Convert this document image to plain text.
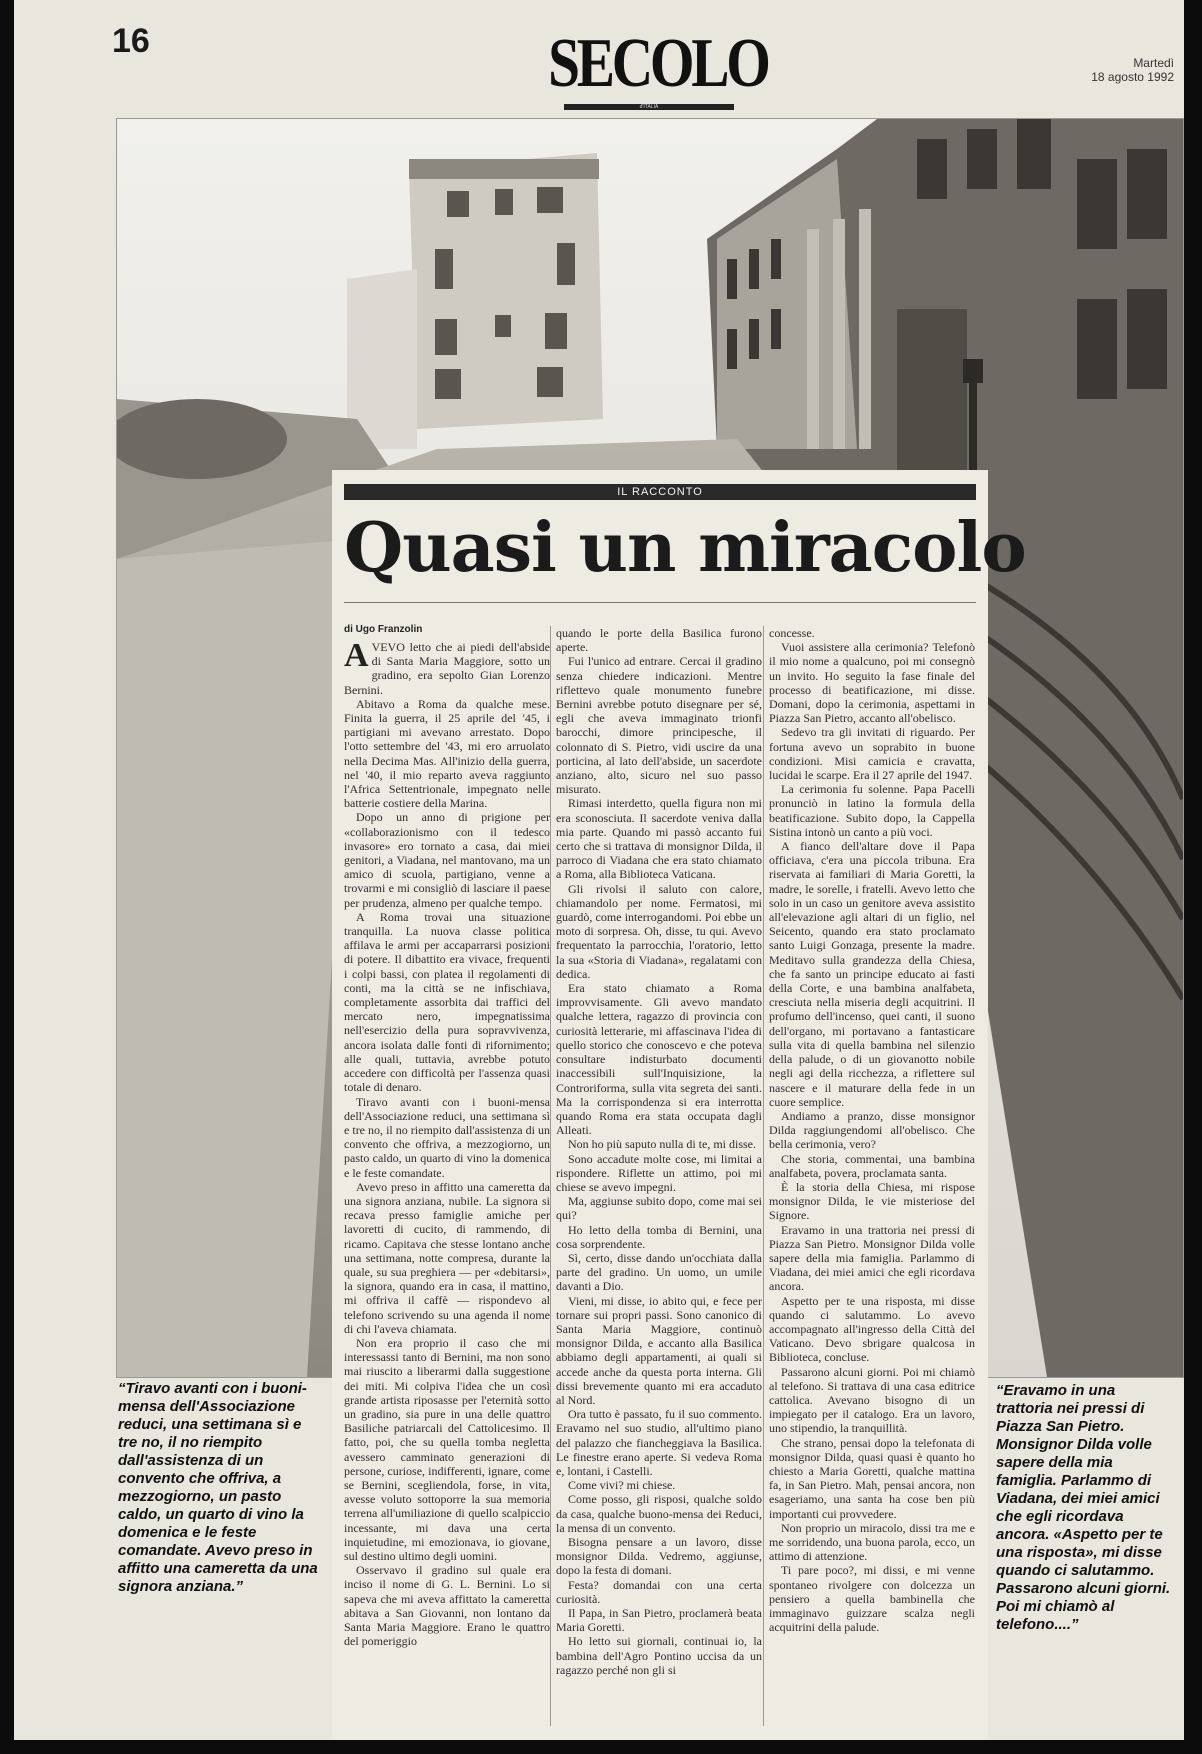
16	SECOLO
d'ITALIA
Martedì
18 agosto 1992
IL RACCONTO
Quasi un miracolo
di Ugo Franzolin

AVEVO letto che ai piedi dell'abside di Santa Maria Maggiore, sotto un gradino, era sepolto Gian Lorenzo Bernini.

Abitavo a Roma da qualche mese. Finita la guerra, il 25 aprile del '45, i partigiani mi avevano arrestato. Dopo l'otto settembre del '43, mi ero arruolato nella Decima Mas. All'inizio della guerra, nel '40, il mio reparto aveva raggiunto l'Africa Settentrionale, impegnato nelle batterie costiere della Marina.

Dopo un anno di prigione per «collaborazionismo con il tedesco invasore» ero tornato a casa, dai miei genitori, a Viadana, nel mantovano, ma un amico di scuola, partigiano, venne a trovarmi e mi consigliò di lasciare il paese per prudenza, almeno per qualche tempo.

A Roma trovai una situazione tranquilla. La nuova classe politica affilava le armi per accaparrarsi posizioni di potere. Il dibattito era vivace, frequenti i colpi bassi, con platea il regolamenti di conti, ma la città se ne infischiava, completamente assorbita dai traffici del mercato nero, impegnatissima nell'esercizio della pura sopravvivenza, ancora isolata dalle fonti di rifornimento; alle quali, tuttavia, avrebbe potuto accedere con difficoltà per l'assenza quasi totale di denaro.

Tiravo avanti con i buoni-mensa dell'Associazione reduci, una settimana sì e tre no, il no riempito dall'assistenza di un convento che offriva, a mezzogiorno, un pasto caldo, un quarto di vino la domenica e le feste comandate.

Avevo preso in affitto una cameretta da una signora anziana, nubile. La signora si recava presso famiglie amiche per lavoretti di cucito, di rammendo, di ricamo. Capitava che stesse lontano anche una settimana, notte compresa, durante la quale, su sua preghiera — per «debitarsi», la signora, quando era in casa, il mattino, mi offriva il caffè — rispondevo al telefono scrivendo su una agenda il nome di chi l'aveva chiamata.

Non era proprio il caso che mi interessassi tanto di Bernini, ma non sono mai riuscito a liberarmi dalla suggestione dei miti. Mi colpiva l'idea che un così grande artista riposasse per l'eternità sotto un gradino, sia pure in una delle quattro Basiliche patriarcali del Cattolicesimo. Il fatto, poi, che su quella tomba negletta avessero camminato generazioni di persone, curiose, indifferenti, ignare, come se Bernini, scegliendola, forse, in vita, avesse voluto sottoporre la sua memoria terrena all'umiliazione di quello scalpiccio incessante, mi dava una certa inquietudine, mi emozionava, io giovane, sul destino ultimo degli uomini.

Osservavo il gradino sul quale era inciso il nome di G. L. Bernini. Lo si sapeva che mi aveva affittato la cameretta abitava a San Giovanni, non lontano da Santa Maria Maggiore. Erano le quattro del pomeriggio

quando le porte della Basilica furono aperte.

Fui l'unico ad entrare. Cercai il gradino senza chiedere indicazioni. Mentre riflettevo quale monumento funebre Bernini avrebbe potuto disegnare per sé, egli che aveva immaginato trionfi barocchi, dimore principesche, il colonnato di S. Pietro, vidi uscire da una porticina, al lato dell'abside, un sacerdote anziano, alto, sicuro nel suo passo misurato.

Rimasi interdetto, quella figura non mi era sconosciuta. Il sacerdote veniva dalla mia parte. Quando mi passò accanto fui certo che si trattava di monsignor Dilda, il parroco di Viadana che era stato chiamato a Roma, alla Biblioteca Vaticana.

Gli rivolsi il saluto con calore, chiamandolo per nome. Fermatosi, mi guardò, come interrogandomi. Poi ebbe un moto di sorpresa. Oh, disse, tu qui. Avevo frequentato la parrocchia, l'oratorio, letto la sua «Storia di Viadana», regalatami con dedica.

Era stato chiamato a Roma improvvisamente. Gli avevo mandato qualche lettera, ragazzo di provincia con curiosità letterarie, mi affascinava l'idea di quello storico che conoscevo e che poteva consultare indisturbato documenti inaccessibili sull'Inquisizione, la Controriforma, sulla vita segreta dei santi. Ma la corrispondenza si era interrotta quando Roma era stata occupata dagli Alleati.

Non ho più saputo nulla di te, mi disse.

Sono accadute molte cose, mi limitai a rispondere. Riflette un attimo, poi mi chiese se avevo impegni.

Ma, aggiunse subito dopo, come mai sei qui?

Ho letto della tomba di Bernini, una cosa sorprendente.

Sì, certo, disse dando un'occhiata dalla parte del gradino. Un uomo, un umile davanti a Dio.

Vieni, mi disse, io abito qui, e fece per tornare sui propri passi. Sono canonico di Santa Maria Maggiore, continuò monsignor Dilda, e accanto alla Basilica abbiamo degli appartamenti, ai quali si accede anche da questa porta interna. Gli dissi brevemente quanto mi era accaduto al Nord.

Ora tutto è passato, fu il suo commento. Eravamo nel suo studio, all'ultimo piano del palazzo che fiancheggiava la Basilica. Le finestre erano aperte. Si vedeva Roma e, lontani, i Castelli.

Come vivi? mi chiese.

Come posso, gli risposi, qualche soldo da casa, qualche buono-mensa dei Reduci, la mensa di un convento.

Bisogna pensare a un lavoro, disse monsignor Dilda. Vedremo, aggiunse, dopo la festa di domani.

Festa? domandai con una certa curiosità.

Il Papa, in San Pietro, proclamerà beata Maria Goretti.

Ho letto sui giornali, continuai io, la bambina dell'Agro Pontino uccisa da un ragazzo perché non gli si

concesse.

Vuoi assistere alla cerimonia? Telefonò il mio nome a qualcuno, poi mi consegnò un invito. Ho seguito la fase finale del processo di beatificazione, mi disse. Domani, dopo la cerimonia, aspettami in Piazza San Pietro, accanto all'obelisco.

Sedevo tra gli invitati di riguardo. Per fortuna avevo un soprabito in buone condizioni. Misi camicia e cravatta, lucidai le scarpe. Era il 27 aprile del 1947.

La cerimonia fu solenne. Papa Pacelli pronunciò in latino la formula della beatificazione. Subito dopo, la Cappella Sistina intonò un canto a più voci.

A fianco dell'altare dove il Papa officiava, c'era una piccola tribuna. Era riservata ai familiari di Maria Goretti, la madre, le sorelle, i fratelli. Avevo letto che solo in un caso un genitore aveva assistito all'elevazione agli altari di un figlio, nel Seicento, quando era stato proclamato santo Luigi Gonzaga, presente la madre. Meditavo sulla grandezza della Chiesa, che fa santo un principe educato ai fasti della Corte, e una bambina analfabeta, cresciuta nella miseria degli acquitrini. Il profumo dell'incenso, quei canti, il suono dell'organo, mi portavano a fantasticare sulla vita di quella bambina nel silenzio della palude, o di un giovanotto nobile negli agi della ricchezza, a riflettere sul nascere e il maturare della fede in un cuore semplice.

Andiamo a pranzo, disse monsignor Dilda raggiungendomi all'obelisco. Che bella cerimonia, vero?

Che storia, commentai, una bambina analfabeta, povera, proclamata santa.

È la storia della Chiesa, mi rispose monsignor Dilda, le vie misteriose del Signore.

Eravamo in una trattoria nei pressi di Piazza San Pietro. Monsignor Dilda volle sapere della mia famiglia. Parlammo di Viadana, dei miei amici che egli ricordava ancora.

Aspetto per te una risposta, mi disse quando ci salutammo. Lo avevo accompagnato all'ingresso della Città del Vaticano. Devo sbrigare qualcosa in Biblioteca, concluse.

Passarono alcuni giorni. Poi mi chiamò al telefono. Si trattava di una casa editrice cattolica. Avevano bisogno di un impiegato per il catalogo. Era un lavoro, uno stipendio, la tranquillità.

Che strano, pensai dopo la telefonata di monsignor Dilda, quasi quasi è quanto ho chiesto a Maria Goretti, qualche mattina fa, in San Pietro. Mah, pensai ancora, non esageriamo, una santa ha cose ben più importanti cui provvedere.

Non proprio un miracolo, dissi tra me e me sorridendo, una buona parola, ecco, un attimo di attenzione.

Ti pare poco?, mi dissi, e mi venne spontaneo rivolgere con dolcezza un pensiero a quella bambinella che immaginavo guizzare scalza negli acquitrini della palude.

“Tiravo avanti con i buoni-mensa dell'Associazione reduci, una settimana sì e tre no, il no riempito dall'assistenza di un convento che offriva, a mezzogiorno, un pasto caldo, un quarto di vino la domenica e le feste comandate. Avevo preso in affitto una cameretta da una signora anziana.”
“Eravamo in una trattoria nei pressi di Piazza San Pietro. Monsignor Dilda volle sapere della mia famiglia. Parlammo di Viadana, dei miei amici che egli ricordava ancora. «Aspetto per te una risposta», mi disse quando ci salutammo. Passarono alcuni giorni. Poi mi chiamò al telefono....”
